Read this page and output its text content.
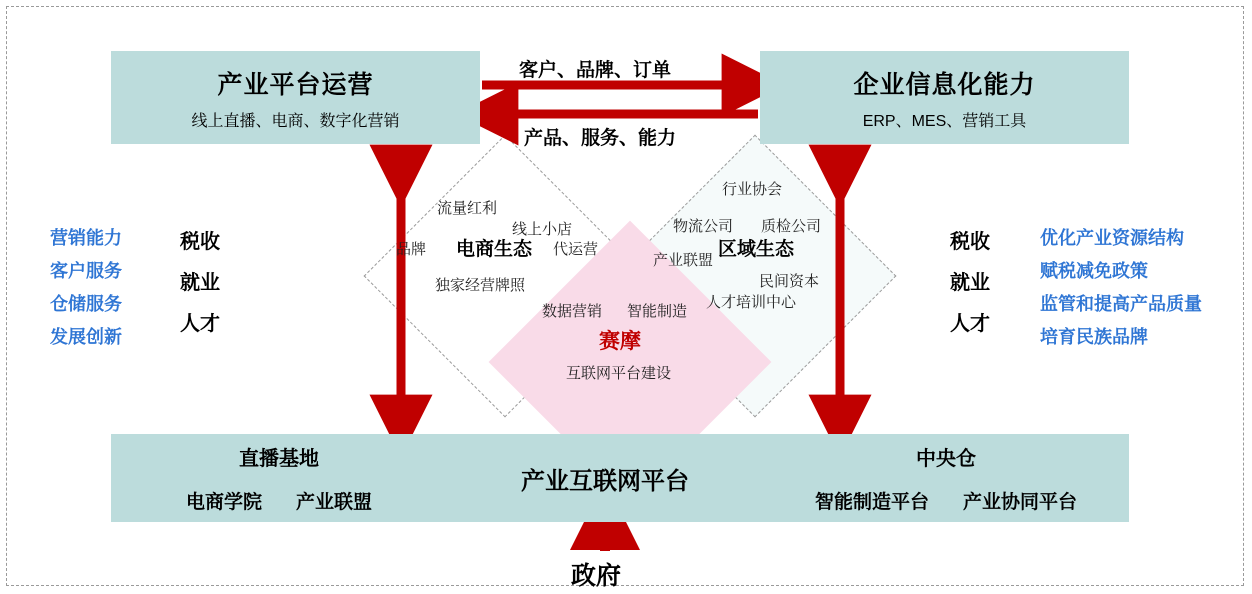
产业平台运营
线上直播、电商、数字化营销
企业信息化能力
ERP、MES、营销工具
客户、品牌、订单
产品、服务、能力
营销能力
客户服务
仓储服务
发展创新
税收
就业
人才
税收
就业
人才
优化产业资源结构
赋税减免政策
监管和提高产品质量
培育民族品牌
流量红利
线上小店
品牌 电商生态 代运营
独家经营牌照
行业协会
物流公司 质检公司
产业联盟
区域生态
民间资本
人才培训中心
数据营销 智能制造
赛摩
互联网平台建设
直播基地
电商学院 产业联盟
产业互联网平台
中央仓
智能制造平台 产业协同平台
政府
